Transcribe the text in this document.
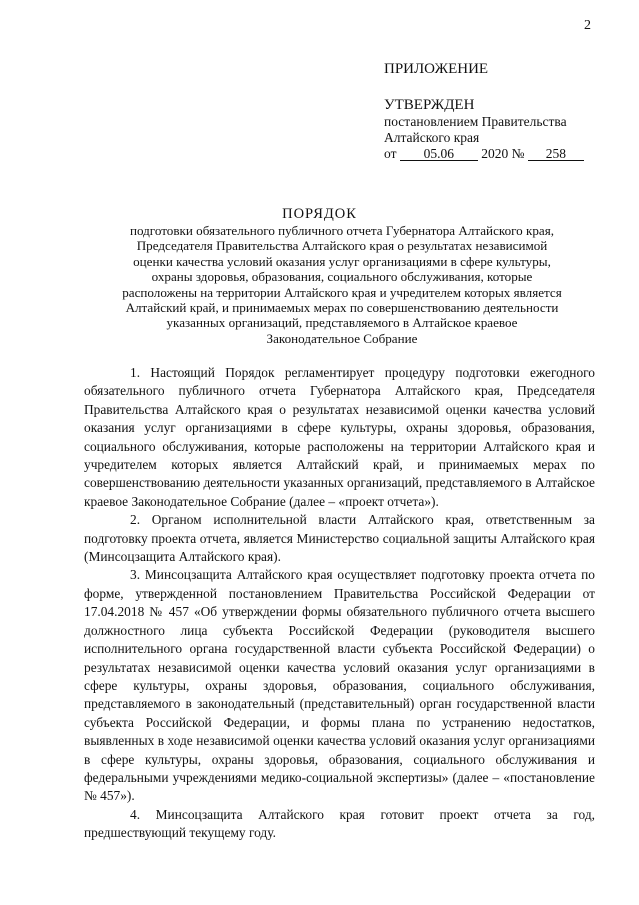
2
ПРИЛОЖЕНИЕ
УТВЕРЖДЕН
постановлением Правительства
Алтайского края
от 05.06 2020 № 258
ПОРЯДОК
подготовки обязательного публичного отчета Губернатора Алтайского края, Председателя Правительства Алтайского края о результатах независимой оценки качества условий оказания услуг организациями в сфере культуры, охраны здоровья, образования, социального обслуживания, которые расположены на территории Алтайского края и учредителем которых является Алтайский край, и принимаемых мерах по совершенствованию деятельности указанных организаций, представляемого в Алтайское краевое Законодательное Собрание

1. Настоящий Порядок регламентирует процедуру подготовки ежегодного обязательного публичного отчета Губернатора Алтайского края, Председателя Правительства Алтайского края о результатах независимой оценки качества условий оказания услуг организациями в сфере культуры, охраны здоровья, образования, социального обслуживания, которые расположены на территории Алтайского края и учредителем которых является Алтайский край, и принимаемых мерах по совершенствованию деятельности указанных организаций, представляемого в Алтайское краевое Законодательное Собрание (далее – «проект отчета»).

2. Органом исполнительной власти Алтайского края, ответственным за подготовку проекта отчета, является Министерство социальной защиты Алтайского края (Минсоцзащита Алтайского края).

3. Минсоцзащита Алтайского края осуществляет подготовку проекта отчета по форме, утвержденной постановлением Правительства Российской Федерации от 17.04.2018 № 457 «Об утверждении формы обязательного публичного отчета высшего должностного лица субъекта Российской Федерации (руководителя высшего исполнительного органа государственной власти субъекта Российской Федерации) о результатах независимой оценки качества условий оказания услуг организациями в сфере культуры, охраны здоровья, образования, социального обслуживания, представляемого в законодательный (представительный) орган государственной власти субъекта Российской Федерации, и формы плана по устранению недостатков, выявленных в ходе независимой оценки качества условий оказания услуг организациями в сфере культуры, охраны здоровья, образования, социального обслуживания и федеральными учреждениями медико-социальной экспертизы» (далее – «постановление № 457»).

4. Минсоцзащита Алтайского края готовит проект отчета за год, предшествующий текущему году.
